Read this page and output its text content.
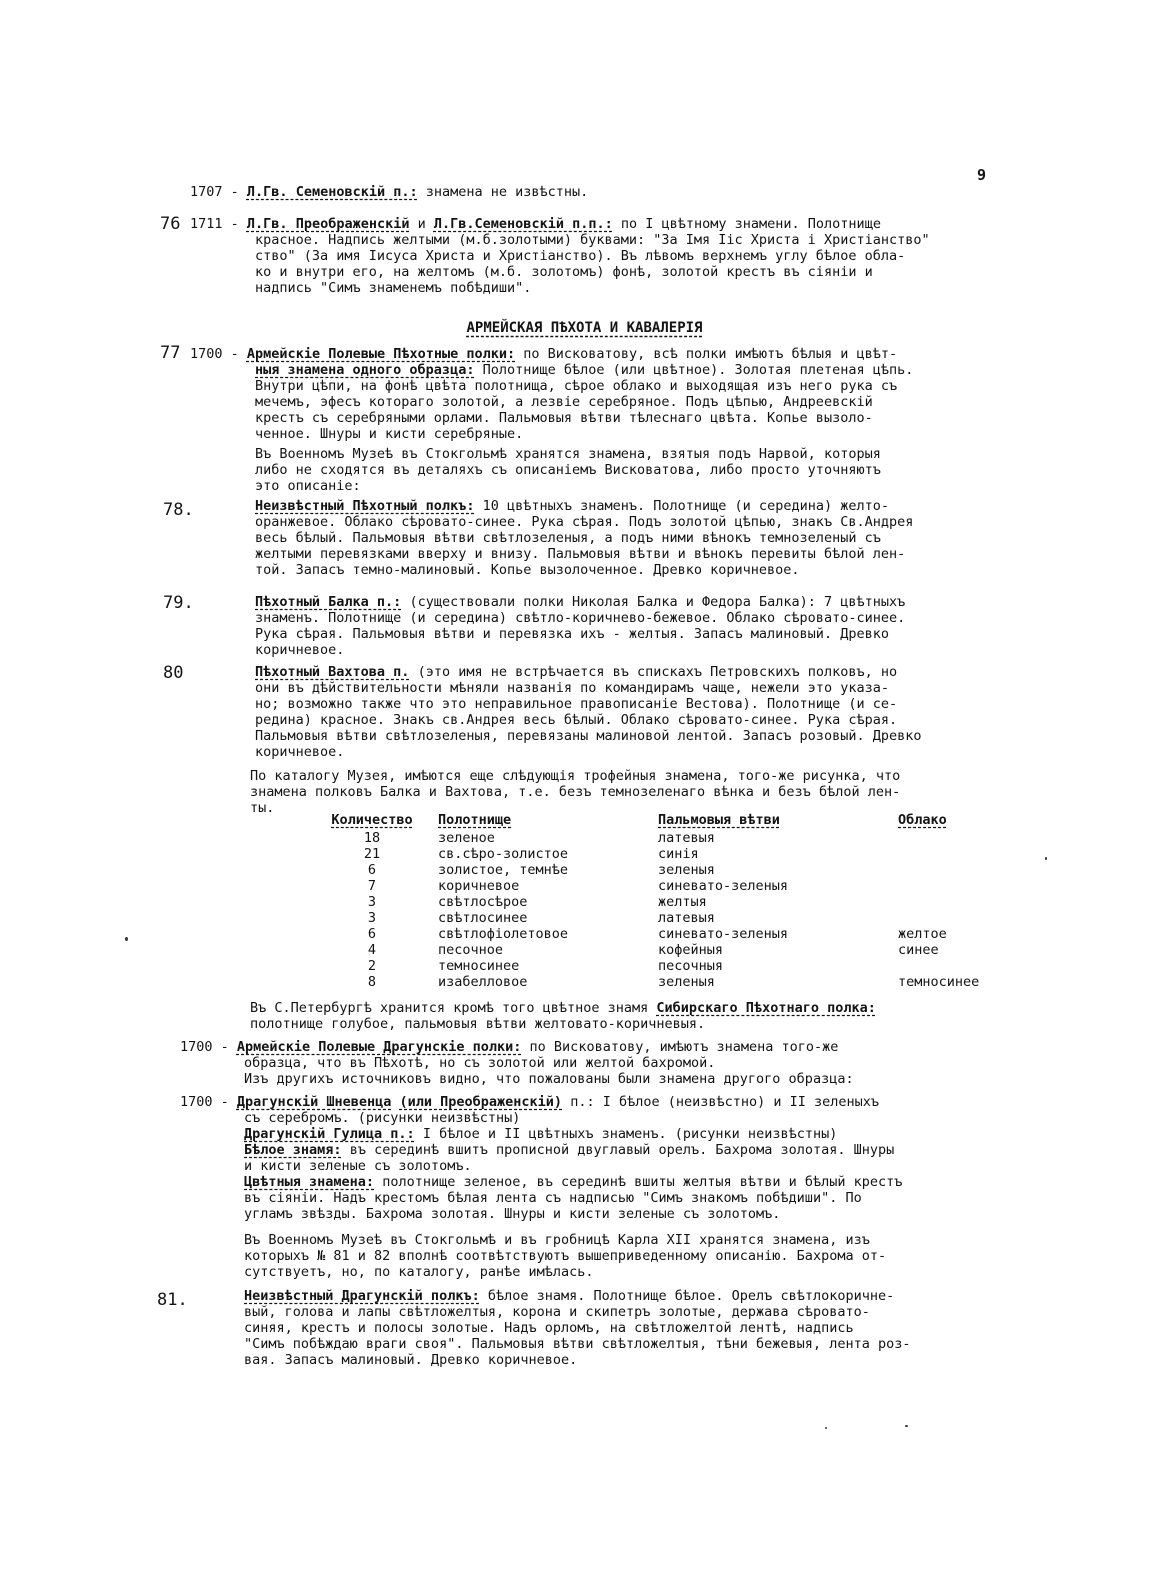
9
1707 - Л.Гв. Семеновскій п.: знамена не извѣстны.
76 1711 - Л.Гв. Преображенскій и Л.Гв.Семеновскій п.п.: по I цвѣтному знамени. Полотнище
красное. Надпись желтыми (м.б.золотыми) буквами: "За Імя Ііс Христа і Христіанство"
ство" (За имя Іисуса Христа и Христіанство). Въ лѣвомъ верхнемъ углу бѣлое обла-
ко и внутри его, на желтомъ (м.б. золотомъ) фонѣ, золотой крестъ въ сіяніи и
надпись "Симъ знаменемъ побѣдиши".
АРМЕЙСКАЯ ПѢХОТА И КАВАЛЕРІЯ
77 1700 - Армейскіе Полевые Пѣхотные полки: по Висковатову, всѣ полки имѣютъ бѣлыя и цвѣт-
ныя знамена одного образца: Полотнище бѣлое (или цвѣтное). Золотая плетеная цѣпь.
Внутри цѣпи, на фонѣ цвѣта полотнища, сѣрое облако и выходящая изъ него рука съ
мечемъ, эфесъ котораго золотой, а лезвіе серебряное. Подъ цѣпью, Андреевскій
крестъ съ серебряными орлами. Пальмовыя вѣтви тѣлеснаго цвѣта. Копье вызоло-
ченное. Шнуры и кисти серебряные.
Въ Военномъ Музеѣ въ Стокгольмѣ хранятся знамена, взятыя подъ Нарвой, которыя
либо не сходятся въ деталяхъ съ описаніемъ Висковатова, либо просто уточняютъ
это описаніе:
78.	Неизвѣстный Пѣхотный полкъ: 10 цвѣтныхъ знаменъ. Полотнище (и середина) желто-
оранжевое. Облако сѣровато-синее. Рука сѣрая. Подъ золотой цѣпью, знакъ Св.Андрея
весь бѣлый. Пальмовыя вѣтви свѣтлозеленыя, а подъ ними вѣнокъ темнозеленый съ
желтыми перевязками вверху и внизу. Пальмовыя вѣтви и вѣнокъ перевиты бѣлой лен-
той. Запасъ темно-малиновый. Копье вызолоченное. Древко коричневое.
79.	Пѣхотный Балка п.: (существовали полки Николая Балка и Федора Балка): 7 цвѣтныхъ
знаменъ. Полотнище (и середина) свѣтло-коричнево-бежевое. Облако сѣровато-синее.
Рука сѣрая. Пальмовыя вѣтви и перевязка ихъ - желтыя. Запасъ малиновый. Древко
коричневое.
80	Пѣхотный Вахтова п. (это имя не встрѣчается въ спискахъ Петровскихъ полковъ, но
они въ дѣйствительности мѣняли названія по командирамъ чаще, нежели это указа-
но; возможно также что это неправильное правописаніе Вестова). Полотнище (и се-
редина) красное. Знакъ св.Андрея весь бѣлый. Облако сѣровато-синее. Рука сѣрая.
Пальмовыя вѣтви свѣтлозеленыя, перевязаны малиновой лентой. Запасъ розовый. Древко
коричневое.
По каталогу Музея, имѣются еще слѣдующія трофейныя знамена, того-же рисунка, что
знамена полковъ Балка и Вахтова, т.е. безъ темнозеленаго вѣнка и безъ бѣлой лен-
ты.
Количество	Полотнище	Пальмовыя вѣтви	Облако
18	зеленое	латевыя	
21	св.сѣро-золистое	синія	
6	золистое, темнѣе	зеленыя	
7	коричневое	синевато-зеленыя	
3	свѣтлосѣрое	желтыя	
3	свѣтлосинее	латевыя	
6	свѣтлофіолетовое	синевато-зеленыя	желтое
4	песочное	кофейныя	синее
2	темносинее	песочныя	
8	изабелловое	зеленыя	темносинее
Въ С.Петербургѣ хранится кромѣ того цвѣтное знамя Сибирскаго Пѣхотнаго полка:
полотнище голубое, пальмовыя вѣтви желтовато-коричневыя.
1700 - Армейскіе Полевые Драгунскіе полки: по Висковатову, имѣютъ знамена того-же
образца, что въ Пѣхотѣ, но съ золотой или желтой бахромой.
Изъ другихъ источниковъ видно, что пожалованы были знамена другого образца:
1700 - Драгунскій Шневенца (или Преображенскій) п.: I бѣлое (неизвѣстно) и II зеленыхъ
съ серебромъ. (рисунки неизвѣстны)
Драгунскій Гулица п.: I бѣлое и II цвѣтныхъ знаменъ. (рисунки неизвѣстны)
Бѣлое знамя: въ серединѣ вшитъ прописной двуглавый орелъ. Бахрома золотая. Шнуры
и кисти зеленые съ золотомъ.
Цвѣтныя знамена: полотнище зеленое, въ серединѣ вшиты желтыя вѣтви и бѣлый крестъ
въ сіяніи. Надъ крестомъ бѣлая лента съ надписью "Симъ знакомъ побѣдиши". По
угламъ звѣзды. Бахрома золотая. Шнуры и кисти зеленые съ золотомъ.
Въ Военномъ Музеѣ въ Стокгольмѣ и въ гробницѣ Карла XII хранятся знамена, изъ
которыхъ № 81 и 82 вполнѣ соотвѣтствуютъ вышеприведенному описанію. Бахрома от-
сутствуетъ, но, по каталогу, ранѣе имѣлась.
81.	Неизвѣстный Драгунскій полкъ: бѣлое знамя. Полотнище бѣлое. Орелъ свѣтлокоричне-
вый, голова и лапы свѣтложелтыя, корона и скипетръ золотые, держава сѣровато-
синяя, крестъ и полосы золотые. Надъ орломъ, на свѣтложелтой лентѣ, надпись
"Симъ побѣждаю враги своя". Пальмовыя вѣтви свѣтложелтыя, тѣни бежевыя, лента роз-
вая. Запасъ малиновый. Древко коричневое.
